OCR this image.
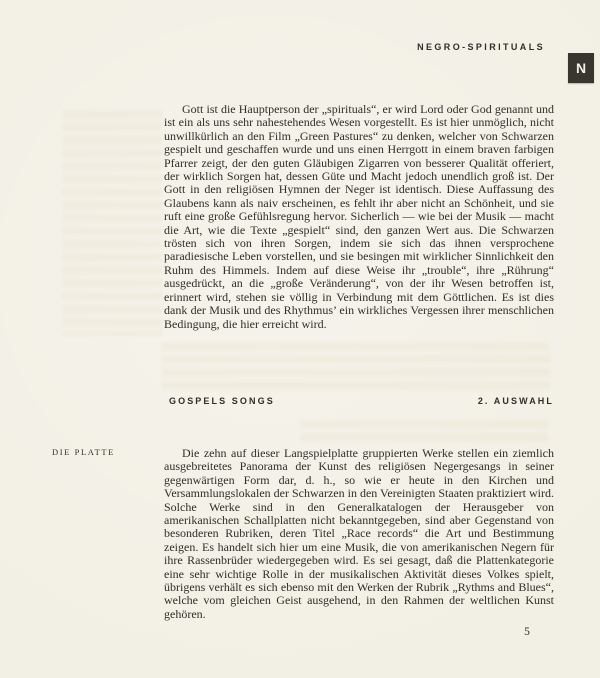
NEGRO-SPIRITUALS
N

Gott ist die Hauptperson der „spirituals“, er wird Lord oder God genannt und ist ein als uns sehr nahestehendes Wesen vorgestellt. Es ist hier unmöglich, nicht unwillkürlich an den Film „Green Pastures“ zu denken, welcher von Schwarzen gespielt und geschaffen wurde und uns einen Herrgott in einem braven farbigen Pfarrer zeigt, der den guten Gläubigen Zigarren von besserer Qualität offeriert, der wirklich Sorgen hat, dessen Güte und Macht jedoch unendlich groß ist. Der Gott in den religiösen Hymnen der Neger ist identisch. Diese Auffassung des Glaubens kann als naiv erscheinen, es fehlt ihr aber nicht an Schönheit, und sie ruft eine große Gefühlsregung hervor. Sicherlich — wie bei der Musik — macht die Art, wie die Texte „gespielt“ sind, den ganzen Wert aus. Die Schwarzen trösten sich von ihren Sorgen, indem sie sich das ihnen versprochene paradiesische Leben vorstellen, und sie besingen mit wirklicher Sinnlichkeit den Ruhm des Himmels. Indem auf diese Weise ihr „trouble“, ihre „Rührung“ ausgedrückt, an die „große Veränderung“, von der ihr Wesen betroffen ist, erinnert wird, stehen sie völlig in Verbindung mit dem Göttlichen. Es ist dies dank der Musik und des Rhythmus’ ein wirkliches Vergessen ihrer menschlichen Bedingung, die hier erreicht wird.

GOSPELS SONGS	2. AUSWAHL
DIE PLATTE	Die zehn auf dieser Langspielplatte gruppierten Werke stellen ein ziemlich ausgebreitetes Panorama der Kunst des religiösen Negergesangs in seiner gegenwärtigen Form dar, d. h., so wie er heute in den Kirchen und Versammlungslokalen der Schwarzen in den Vereinigten Staaten praktiziert wird. Solche Werke sind in den Generalkatalogen der Herausgeber von amerikanischen Schallplatten nicht bekanntgegeben, sind aber Gegenstand von besonderen Rubriken, deren Titel „Race records“ die Art und Bestimmung zeigen. Es handelt sich hier um eine Musik, die von amerikanischen Negern für ihre Rassenbrüder wiedergegeben wird. Es sei gesagt, daß die Plattenkategorie eine sehr wichtige Rolle in der musikalischen Aktivität dieses Volkes spielt, übrigens verhält es sich ebenso mit den Werken der Rubrik „Rythms and Blues“, welche vom gleichen Geist ausgehend, in den Rahmen der weltlichen Kunst gehören.

5
